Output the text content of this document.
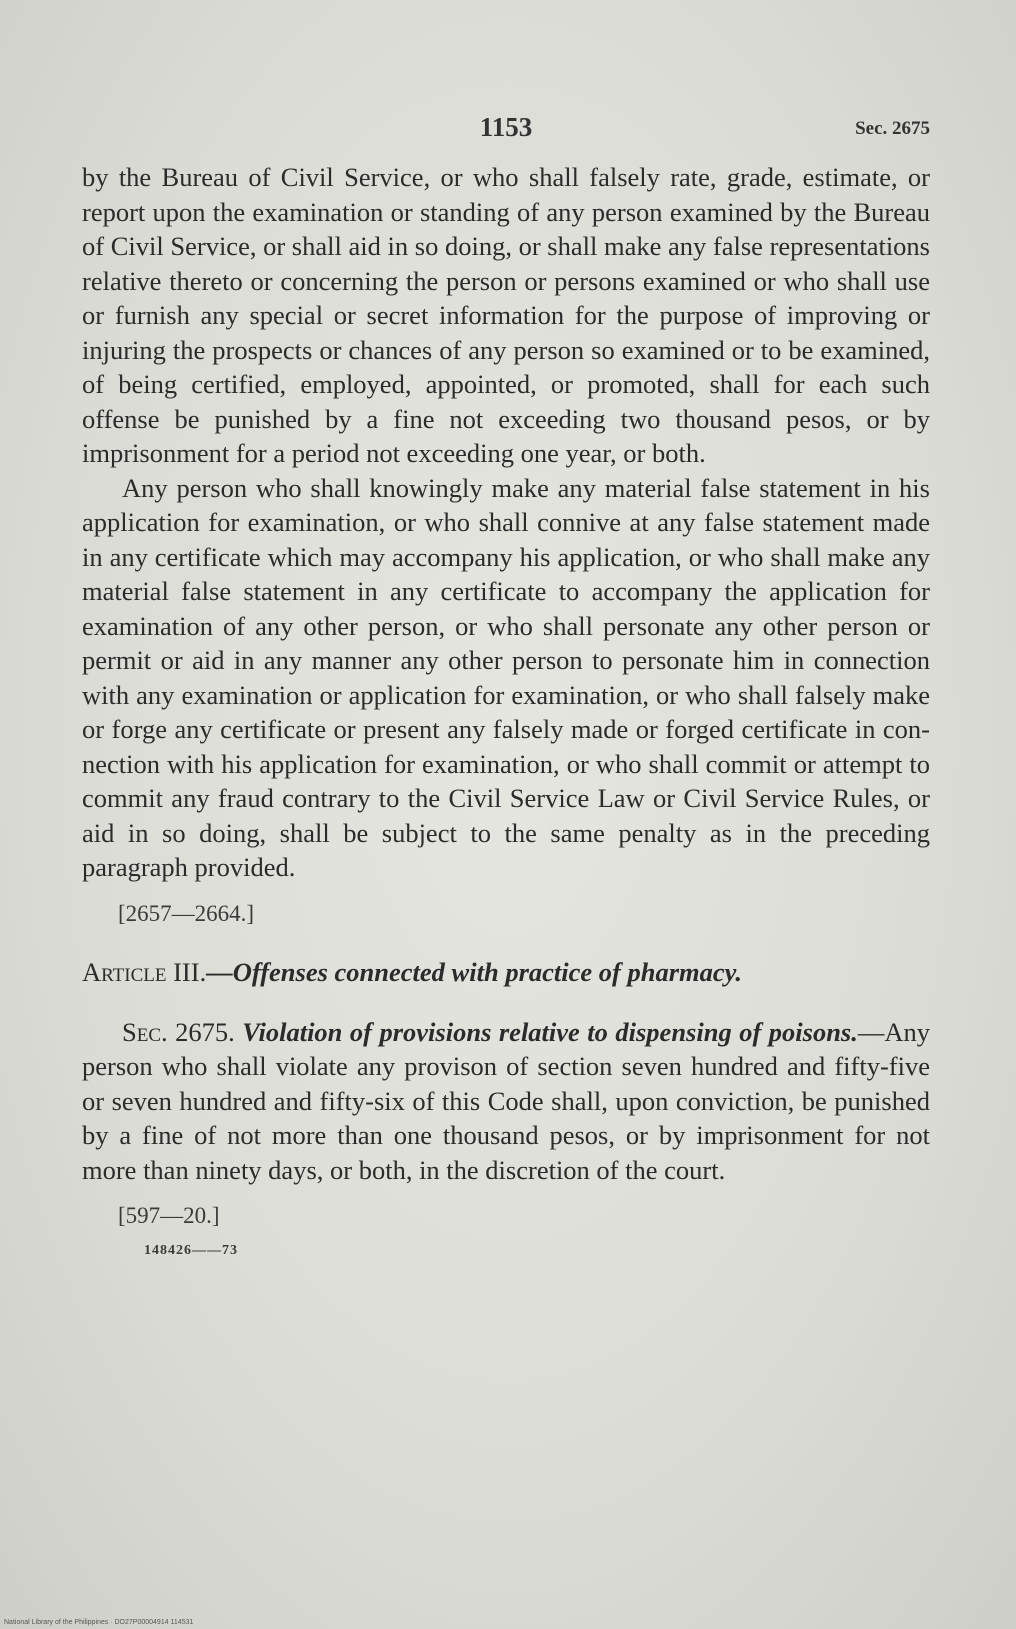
1153	Sec. 2675

by the Bureau of Civil Service, or who shall falsely rate, grade, estimate, or report upon the examination or standing of any person examined by the Bureau of Civil Service, or shall aid in so doing, or shall make any false representations relative thereto or concerning the person or persons examined or who shall use or furnish any special or secret information for the purpose of improving or injuring the prospects or chances of any person so examined or to be examined, of being certified, employed, appointed, or promoted, shall for each such offense be punished by a fine not exceeding two thousand pesos, or by imprisonment for a period not exceeding one year, or both.

Any person who shall knowingly make any material false statement in his application for examination, or who shall connive at any false statement made in any certificate which may accompany his application, or who shall make any material false statement in any certificate to accompany the application for examination of any other person, or who shall personate any other person or permit or aid in any manner any other person to personate him in connection with any examination or application for examination, or who shall falsely make or forge any certificate or present any falsely made or forged certificate in connection with his application for examination, or who shall commit or attempt to commit any fraud contrary to the Civil Service Law or Civil Service Rules, or aid in so doing, shall be subject to the same penalty as in the preceding paragraph provided.

[2657—2664.]
Article III.—Offenses connected with practice of pharmacy.

Sec. 2675. Violation of provisions relative to dispensing of poisons.—Any person who shall violate any provison of section seven hundred and fifty-five or seven hundred and fifty-six of this Code shall, upon conviction, be punished by a fine of not more than one thousand pesos, or by imprisonment for not more than ninety days, or both, in the discretion of the court.

[597—20.]
148426——73
National Library of the Philippines · DO27P00004914 114531
